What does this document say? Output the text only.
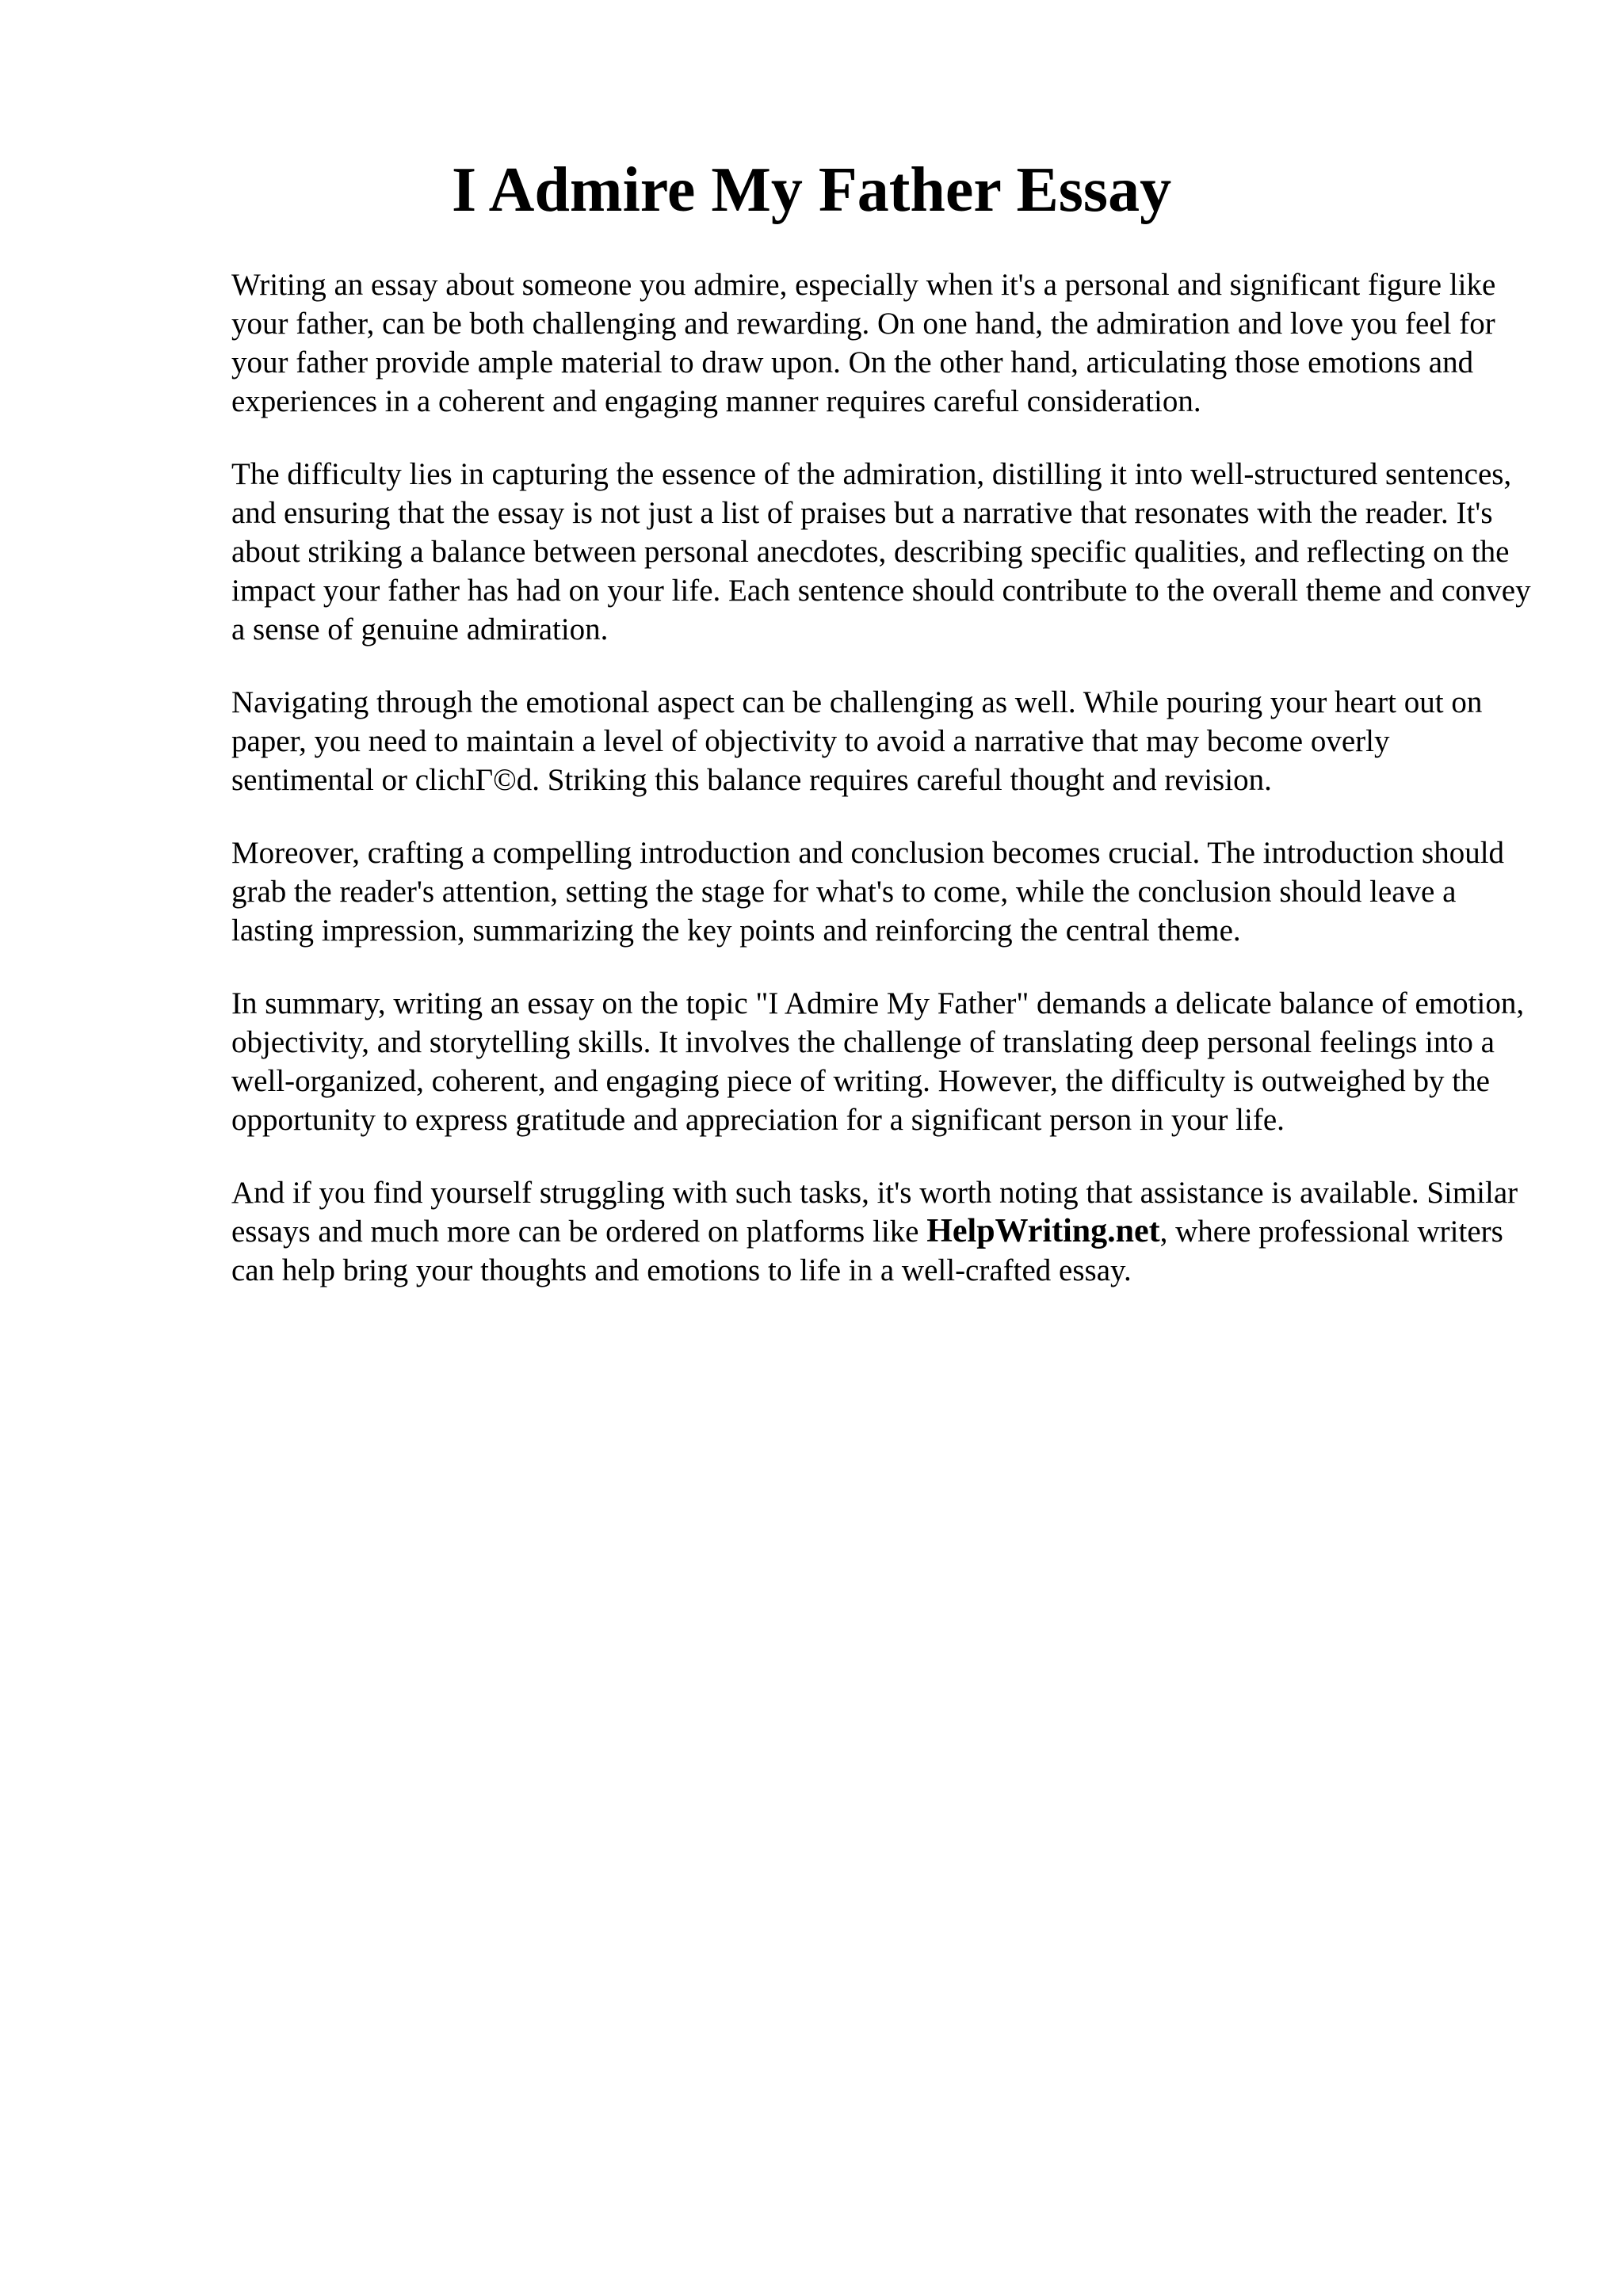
I Admire My Father Essay

Writing an essay about someone you admire, especially when it's a personal and significant figure like your father, can be both challenging and rewarding. On one hand, the admiration and love you feel for your father provide ample material to draw upon. On the other hand, articulating those emotions and experiences in a coherent and engaging manner requires careful consideration.

The difficulty lies in capturing the essence of the admiration, distilling it into well-structured sentences, and ensuring that the essay is not just a list of praises but a narrative that resonates with the reader. It's about striking a balance between personal anecdotes, describing specific qualities, and reflecting on the impact your father has had on your life. Each sentence should contribute to the overall theme and convey a sense of genuine admiration.

Navigating through the emotional aspect can be challenging as well. While pouring your heart out on paper, you need to maintain a level of objectivity to avoid a narrative that may become overly sentimental or clichГ©d. Striking this balance requires careful thought and revision.

Moreover, crafting a compelling introduction and conclusion becomes crucial. The introduction should grab the reader's attention, setting the stage for what's to come, while the conclusion should leave a lasting impression, summarizing the key points and reinforcing the central theme.

In summary, writing an essay on the topic "I Admire My Father" demands a delicate balance of emotion, objectivity, and storytelling skills. It involves the challenge of translating deep personal feelings into a well-organized, coherent, and engaging piece of writing. However, the difficulty is outweighed by the opportunity to express gratitude and appreciation for a significant person in your life.

And if you find yourself struggling with such tasks, it's worth noting that assistance is available. Similar essays and much more can be ordered on platforms like HelpWriting.net, where professional writers can help bring your thoughts and emotions to life in a well-crafted essay.
